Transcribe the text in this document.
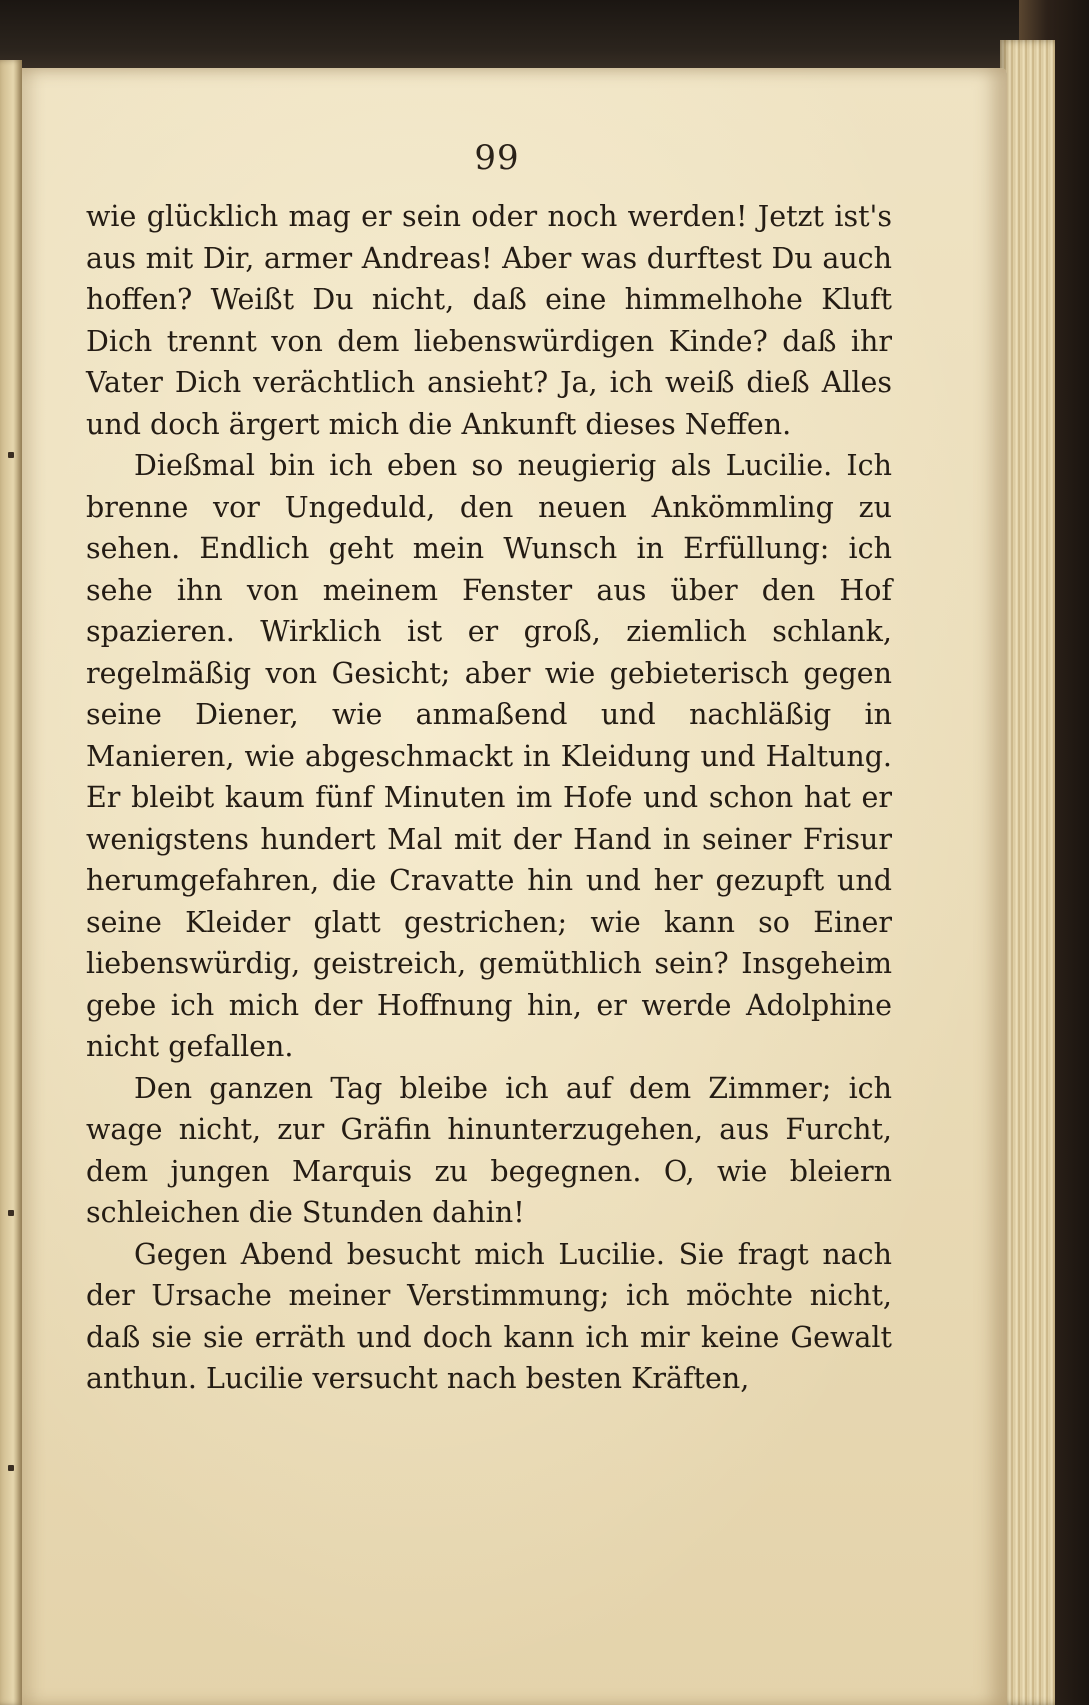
99

wie glücklich mag er sein oder noch werden! Jetzt ist's aus mit Dir, armer Andreas! Aber was durftest Du auch hoffen? Weißt Du nicht, daß eine himmelhohe Kluft Dich trennt von dem liebenswürdigen Kinde? daß ihr Vater Dich verächtlich ansieht? Ja, ich weiß dieß Alles und doch ärgert mich die Ankunft dieses Neffen.

Dießmal bin ich eben so neugierig als Lucilie. Ich brenne vor Ungeduld, den neuen Ankömmling zu sehen. Endlich geht mein Wunsch in Erfüllung: ich sehe ihn von meinem Fenster aus über den Hof spazieren. Wirklich ist er groß, ziemlich schlank, regelmäßig von Gesicht; aber wie gebieterisch gegen seine Diener, wie anmaßend und nachläßig in Manieren, wie abgeschmackt in Kleidung und Haltung. Er bleibt kaum fünf Minuten im Hofe und schon hat er wenigstens hundert Mal mit der Hand in seiner Frisur herumgefahren, die Cravatte hin und her gezupft und seine Kleider glatt gestrichen; wie kann so Einer liebenswürdig, geistreich, gemüthlich sein? Insgeheim gebe ich mich der Hoffnung hin, er werde Adolphine nicht gefallen.

Den ganzen Tag bleibe ich auf dem Zimmer; ich wage nicht, zur Gräfin hinunterzugehen, aus Furcht, dem jungen Marquis zu begegnen. O, wie bleiern schleichen die Stunden dahin!

Gegen Abend besucht mich Lucilie. Sie fragt nach der Ursache meiner Verstimmung; ich möchte nicht, daß sie sie erräth und doch kann ich mir keine Gewalt anthun. Lucilie versucht nach besten Kräften,
